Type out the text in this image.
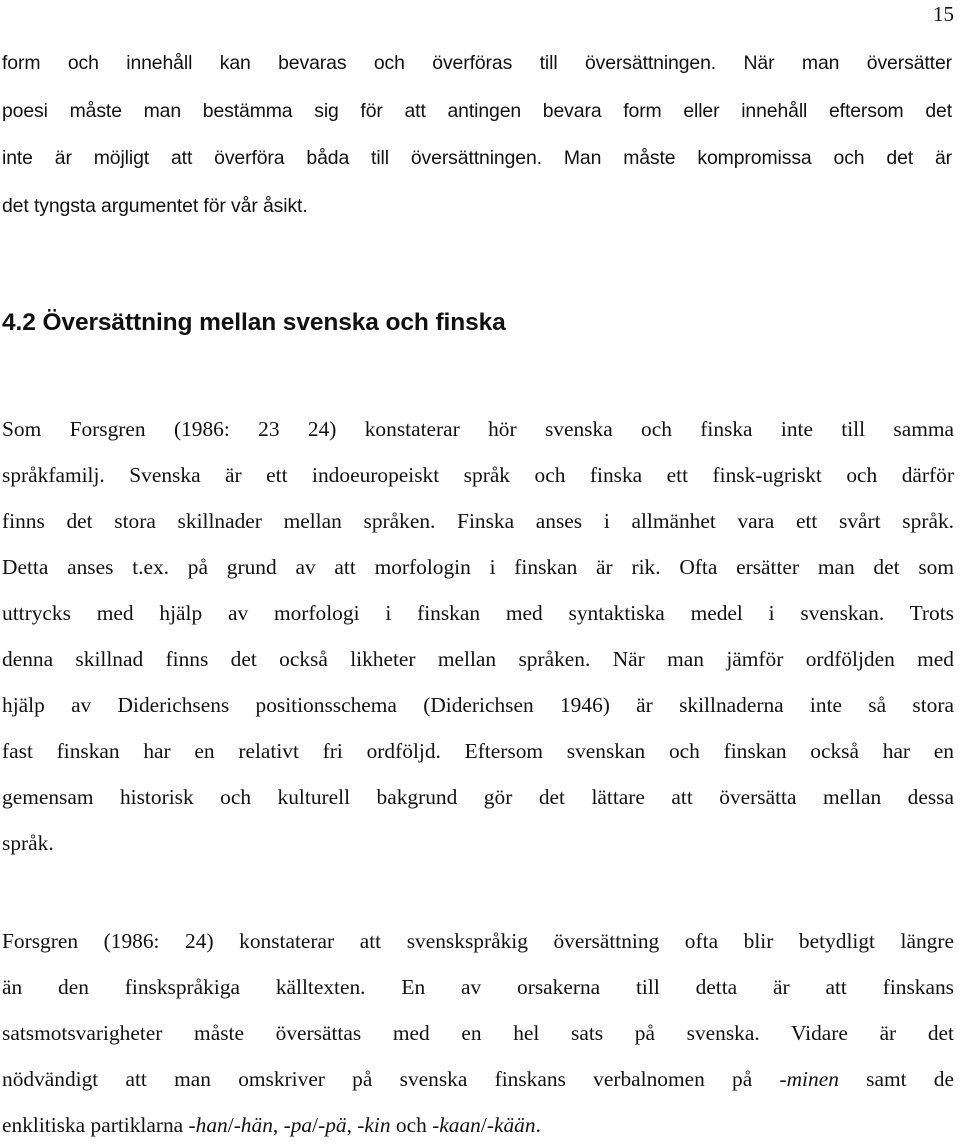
15
form och innehåll kan bevaras och överföras till översättningen. När man översätter
poesi måste man bestämma sig för att antingen bevara form eller innehåll eftersom det
inte är möjligt att överföra båda till översättningen. Man måste kompromissa och det är
det tyngsta argumentet för vår åsikt.
4.2 Översättning mellan svenska och finska
Som Forsgren (1986: 23 24) konstaterar hör svenska och finska inte till samma
språkfamilj. Svenska är ett indoeuropeiskt språk och finska ett finsk-ugriskt och därför
finns det stora skillnader mellan språken. Finska anses i allmänhet vara ett svårt språk.
Detta anses t.ex. på grund av att morfologin i finskan är rik. Ofta ersätter man det som
uttrycks med hjälp av morfologi i finskan med syntaktiska medel i svenskan. Trots
denna skillnad finns det också likheter mellan språken. När man jämför ordföljden med
hjälp av Diderichsens positionsschema (Diderichsen 1946) är skillnaderna inte så stora
fast finskan har en relativt fri ordföljd. Eftersom svenskan och finskan också har en
gemensam historisk och kulturell bakgrund gör det lättare att översätta mellan dessa
språk.
Forsgren (1986: 24) konstaterar att svenskspråkig översättning ofta blir betydligt längre
än den finskspråkiga källtexten. En av orsakerna till detta är att finskans
satsmotsvarigheter måste översättas med en hel sats på svenska. Vidare är det
nödvändigt att man omskriver på svenska finskans verbalnomen på -minen samt de
enklitiska partiklarna -han/-hän, -pa/-pä, -kin och -kaan/-kään.
